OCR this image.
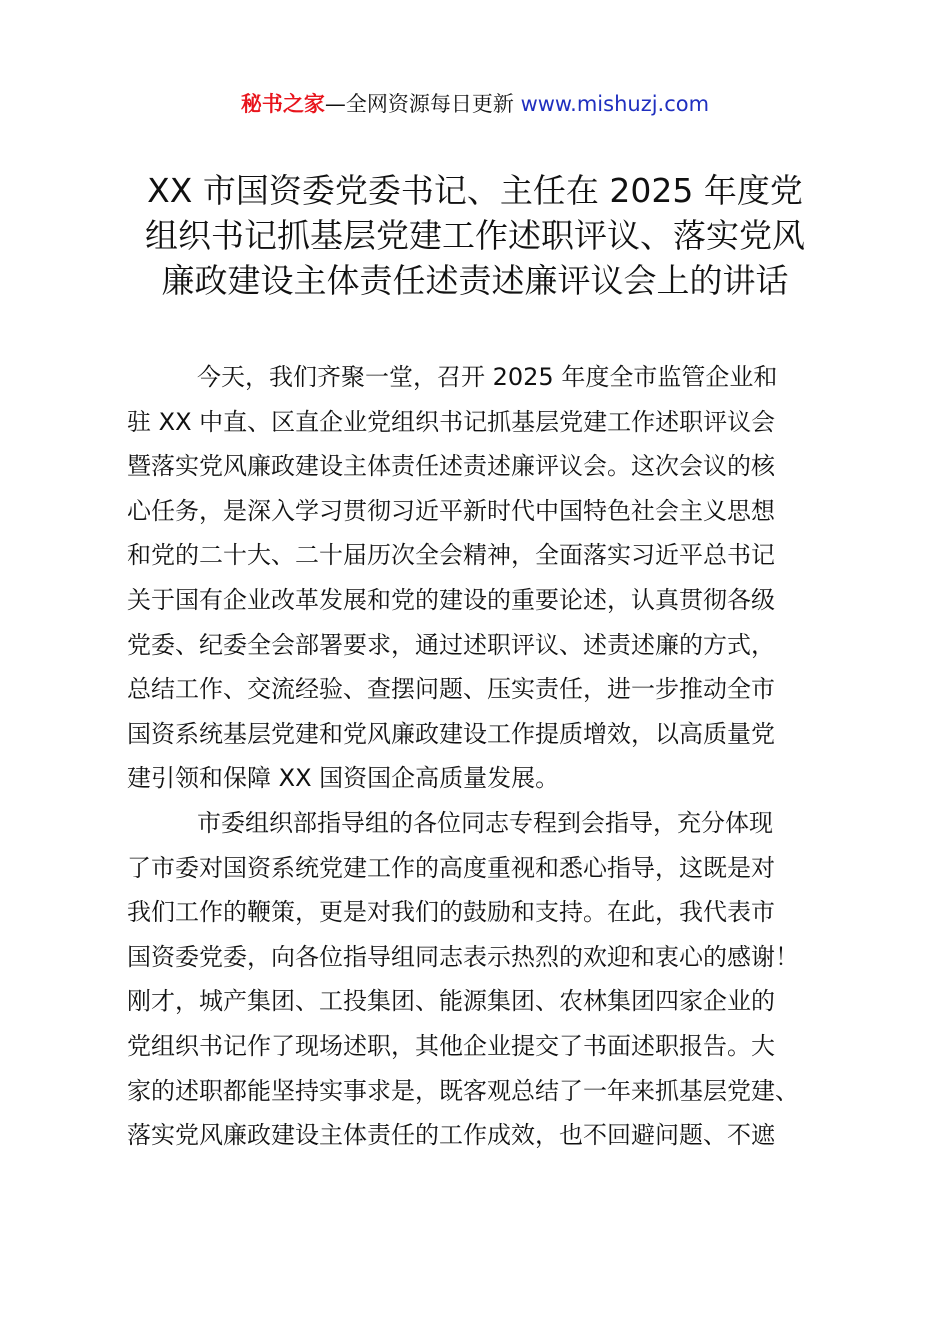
秘书之家—全网资源每日更新 www.mishuzj.com
XX 市国资委党委书记、主任在 2025 年度党
组织书记抓基层党建工作述职评议、落实党风
廉政建设主体责任述责述廉评议会上的讲话
今天，我们齐聚一堂，召开 2025 年度全市监管企业和
驻 XX 中直、区直企业党组织书记抓基层党建工作述职评议会
暨落实党风廉政建设主体责任述责述廉评议会。这次会议的核
心任务，是深入学习贯彻习近平新时代中国特色社会主义思想
和党的二十大、二十届历次全会精神，全面落实习近平总书记
关于国有企业改革发展和党的建设的重要论述，认真贯彻各级
党委、纪委全会部署要求，通过述职评议、述责述廉的方式，
总结工作、交流经验、查摆问题、压实责任，进一步推动全市
国资系统基层党建和党风廉政建设工作提质增效，以高质量党
建引领和保障 XX 国资国企高质量发展。
市委组织部指导组的各位同志专程到会指导，充分体现
了市委对国资系统党建工作的高度重视和悉心指导，这既是对
我们工作的鞭策，更是对我们的鼓励和支持。在此，我代表市
国资委党委，向各位指导组同志表示热烈的欢迎和衷心的感谢！
刚才，城产集团、工投集团、能源集团、农林集团四家企业的
党组织书记作了现场述职，其他企业提交了书面述职报告。大
家的述职都能坚持实事求是，既客观总结了一年来抓基层党建、
落实党风廉政建设主体责任的工作成效，也不回避问题、不遮
